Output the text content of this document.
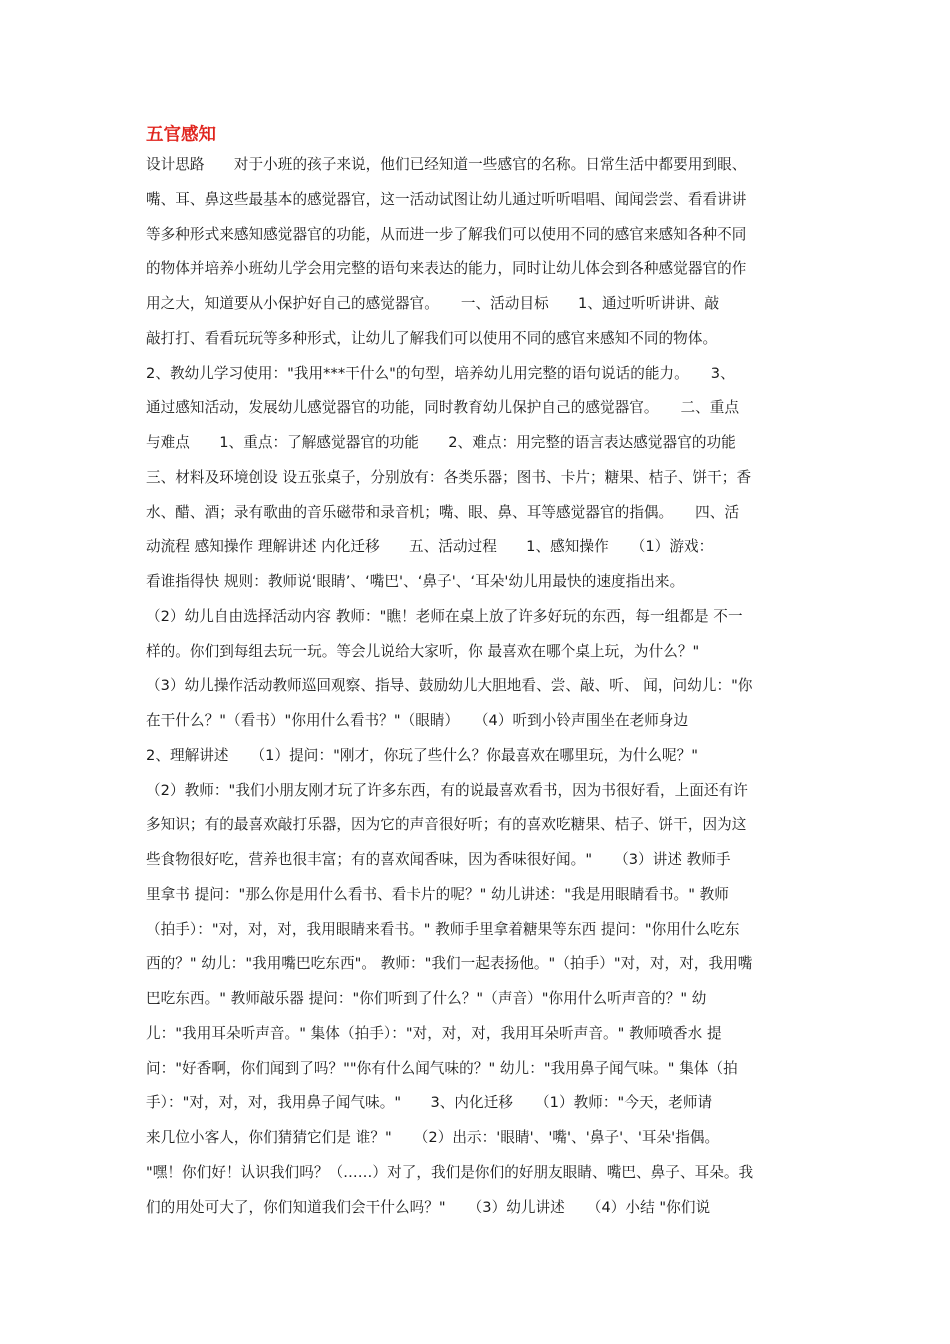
五官感知
设计思路　　对于小班的孩子来说，他们已经知道一些感官的名称。日常生活中都要用到眼、
嘴、耳、鼻这些最基本的感觉器官，这一活动试图让幼儿通过听听唱唱、闻闻尝尝、看看讲讲
等多种形式来感知感觉器官的功能，从而进一步了解我们可以使用不同的感官来感知各种不同
的物体并培养小班幼儿学会用完整的语句来表达的能力，同时让幼儿体会到各种感觉器官的作
用之大，知道要从小保护好自己的感觉器官。　　一、活动目标　　1、通过听听讲讲、敲
敲打打、看看玩玩等多种形式，让幼儿了解我们可以使用不同的感官来感知不同的物体。
2、教幼儿学习使用："我用***干什么"的句型，培养幼儿用完整的语句说话的能力。　　3、
通过感知活动，发展幼儿感觉器官的功能，同时教育幼儿保护自己的感觉器官。　　二、重点
与难点　　1、重点：了解感觉器官的功能　　2、难点：用完整的语言表达感觉器官的功能
三、材料及环境创设 设五张桌子，分别放有：各类乐器；图书、卡片；糖果、桔子、饼干；香
水、醋、酒；录有歌曲的音乐磁带和录音机；嘴、眼、鼻、耳等感觉器官的指偶。　　四、活
动流程 感知操作 理解讲述 内化迁移　　五、活动过程　　1、感知操作　　（1）游戏：
看谁指得快 规则：教师说‘眼睛’、‘嘴巴'、‘鼻子'、‘耳朵'幼儿用最快的速度指出来。
（2）幼儿自由选择活动内容 教师："瞧！老师在桌上放了许多好玩的东西，每一组都是 不一
样的。你们到每组去玩一玩。等会儿说给大家听，你 最喜欢在哪个桌上玩，为什么？"
（3）幼儿操作活动教师巡回观察、指导、鼓励幼儿大胆地看、尝、敲、听、 闻，问幼儿："你
在干什么？"（看书）"你用什么看书？"（眼睛）　　（4）听到小铃声围坐在老师身边
2、理解讲述　　（1）提问："刚才，你玩了些什么？你最喜欢在哪里玩，为什么呢？"
（2）教师："我们小朋友刚才玩了许多东西，有的说最喜欢看书，因为书很好看，上面还有许
多知识；有的最喜欢敲打乐器，因为它的声音很好听；有的喜欢吃糖果、桔子、饼干，因为这
些食物很好吃，营养也很丰富；有的喜欢闻香味，因为香味很好闻。"　　（3）讲述 教师手
里拿书 提问："那么你是用什么看书、看卡片的呢？" 幼儿讲述："我是用眼睛看书。" 教师
（拍手）："对，对，对，我用眼睛来看书。" 教师手里拿着糖果等东西 提问："你用什么吃东
西的？" 幼儿："我用嘴巴吃东西"。 教师："我们一起表扬他。"（拍手）"对，对，对，我用嘴
巴吃东西。" 教师敲乐器 提问："你们听到了什么？"（声音）"你用什么听声音的？" 幼
儿："我用耳朵听声音。" 集体（拍手）："对，对，对，我用耳朵听声音。" 教师喷香水 提
问："好香啊，你们闻到了吗？""你有什么闻气味的？" 幼儿："我用鼻子闻气味。" 集体（拍
手）："对，对，对，我用鼻子闻气味。"　　3、内化迁移　　（1）教师："今天，老师请
来几位小客人，你们猜猜它们是 谁？"　　（2）出示：'眼睛'、'嘴'、'鼻子'、'耳朵'指偶。
"嘿！你们好！认识我们吗？（……）对了，我们是你们的好朋友眼睛、嘴巴、鼻子、耳朵。我
们的用处可大了，你们知道我们会干什么吗？"　　（3）幼儿讲述　　（4）小结 "你们说
